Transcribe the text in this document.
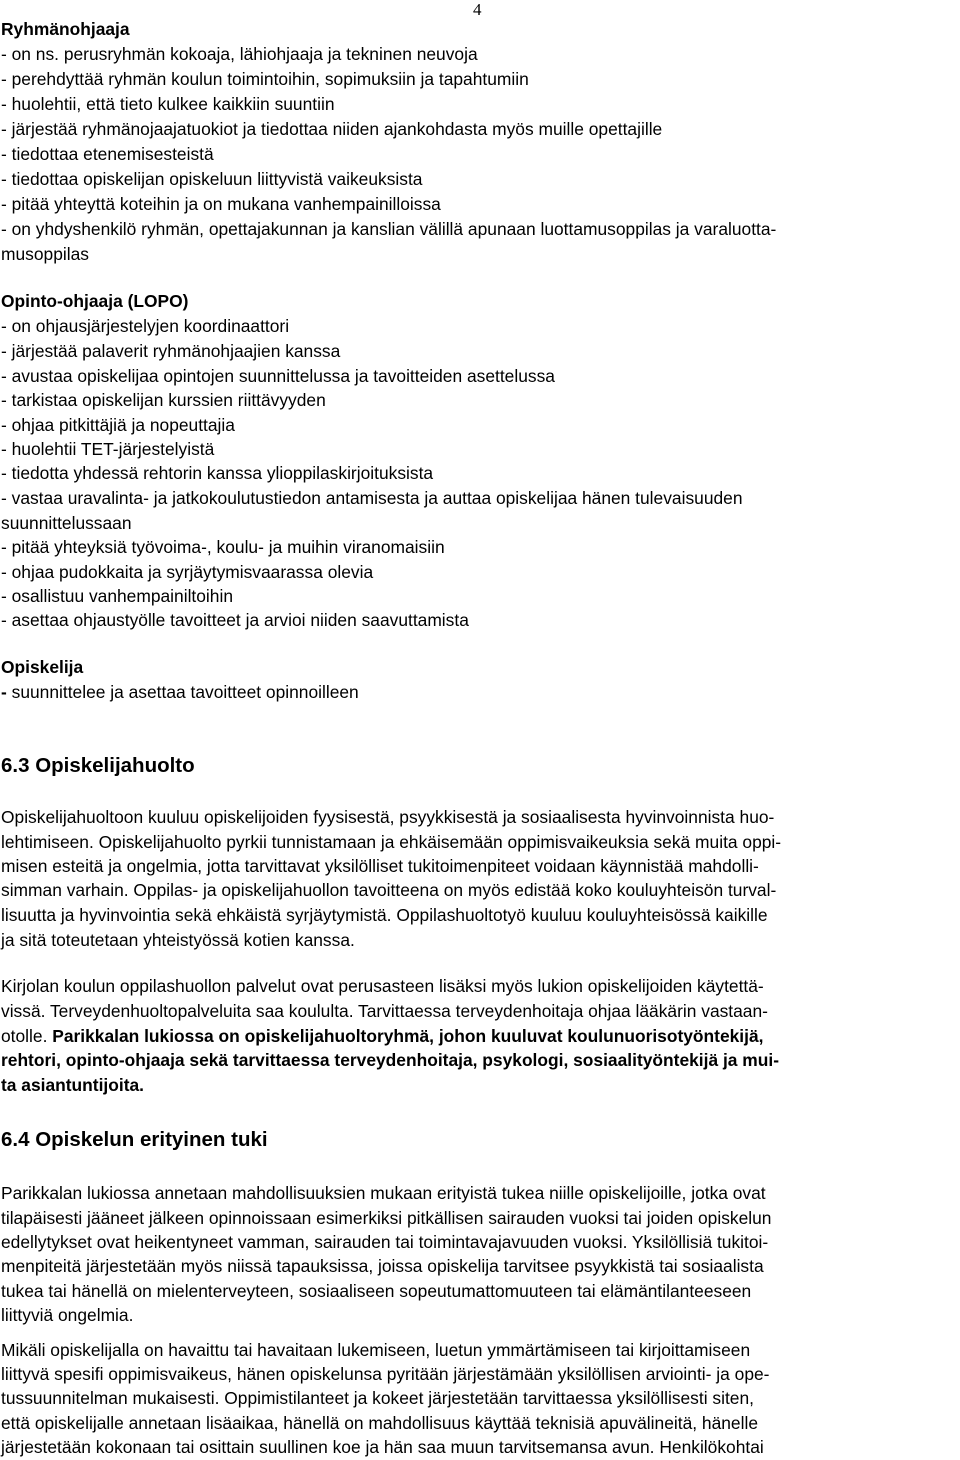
4
Ryhmänohjaaja
- on ns. perusryhmän kokoaja, lähiohjaaja ja tekninen neuvoja
- perehdyttää ryhmän koulun toimintoihin, sopimuksiin ja tapahtumiin
- huolehtii, että tieto kulkee kaikkiin suuntiin
- järjestää ryhmänojaajatuokiot ja tiedottaa niiden ajankohdasta myös muille opettajille
- tiedottaa etenemisesteistä
- tiedottaa opiskelijan opiskeluun liittyvistä vaikeuksista
- pitää yhteyttä koteihin ja on mukana vanhempainilloissa
- on yhdyshenkilö ryhmän, opettajakunnan ja kanslian välillä apunaan luottamusoppilas ja varaluotta-
musoppilas
Opinto-ohjaaja (LOPO)
- on ohjausjärjestelyjen koordinaattori
- järjestää palaverit ryhmänohjaajien kanssa
- avustaa opiskelijaa opintojen suunnittelussa ja tavoitteiden asettelussa
- tarkistaa opiskelijan kurssien riittävyyden
- ohjaa pitkittäjiä ja nopeuttajia
- huolehtii TET-järjestelyistä
- tiedotta yhdessä rehtorin kanssa ylioppilaskirjoituksista
- vastaa uravalinta- ja jatkokoulutustiedon antamisesta ja auttaa opiskelijaa hänen tulevaisuuden
suunnittelussaan
- pitää yhteyksiä työvoima-, koulu- ja muihin viranomaisiin
- ohjaa pudokkaita ja syrjäytymisvaarassa olevia
- osallistuu vanhempainiltoihin
- asettaa ohjaustyölle tavoitteet ja arvioi niiden saavuttamista
Opiskelija
- suunnittelee ja asettaa tavoitteet opinnoilleen
6.3 Opiskelijahuolto
Opiskelijahuoltoon kuuluu opiskelijoiden fyysisestä, psyykkisestä ja sosiaalisesta hyvinvoinnista huo-
lehtimiseen. Opiskelijahuolto pyrkii tunnistamaan ja ehkäisemään oppimisvaikeuksia sekä muita oppi-
misen esteitä ja ongelmia, jotta tarvittavat yksilölliset tukitoimenpiteet voidaan käynnistää mahdolli-
simman varhain. Oppilas- ja opiskelijahuollon tavoitteena on myös edistää koko kouluyhteisön turval-
lisuutta ja hyvinvointia sekä ehkäistä syrjäytymistä. Oppilashuoltotyö kuuluu kouluyhteisössä kaikille
ja sitä toteutetaan yhteistyössä kotien kanssa.
Kirjolan koulun oppilashuollon palvelut ovat perusasteen lisäksi myös lukion opiskelijoiden käytettä-
vissä. Terveydenhuoltopalveluita saa koululta. Tarvittaessa terveydenhoitaja ohjaa lääkärin vastaan-
otolle. Parikkalan lukiossa on opiskelijahuoltoryhmä, johon kuuluvat koulunuorisotyöntekijä,
rehtori, opinto-ohjaaja sekä tarvittaessa terveydenhoitaja, psykologi, sosiaalityöntekijä ja mui-
ta asiantuntijoita.
6.4 Opiskelun erityinen tuki
Parikkalan lukiossa annetaan mahdollisuuksien mukaan erityistä tukea niille opiskelijoille, jotka ovat
tilapäisesti jääneet jälkeen opinnoissaan esimerkiksi pitkällisen sairauden vuoksi tai joiden opiskelun
edellytykset ovat heikentyneet vamman, sairauden tai toimintavajavuuden vuoksi. Yksilöllisiä tukitoi-
menpiteitä järjestetään myös niissä tapauksissa, joissa opiskelija tarvitsee psyykkistä tai sosiaalista
tukea tai hänellä on mielenterveyteen, sosiaaliseen sopeutumattomuuteen tai elämäntilanteeseen
liittyviä ongelmia.
Mikäli opiskelijalla on havaittu tai havaitaan lukemiseen, luetun ymmärtämiseen tai kirjoittamiseen
liittyvä spesifi oppimisvaikeus, hänen opiskelunsa pyritään järjestämään yksilöllisen arviointi- ja ope-
tussuunnitelman mukaisesti. Oppimistilanteet ja kokeet järjestetään tarvittaessa yksilöllisesti siten,
että opiskelijalle annetaan lisäaikaa, hänellä on mahdollisuus käyttää teknisiä apuvälineitä, hänelle
järjestetään kokonaan tai osittain suullinen koe ja hän saa muun tarvitsemansa avun. Henkilökohtai
